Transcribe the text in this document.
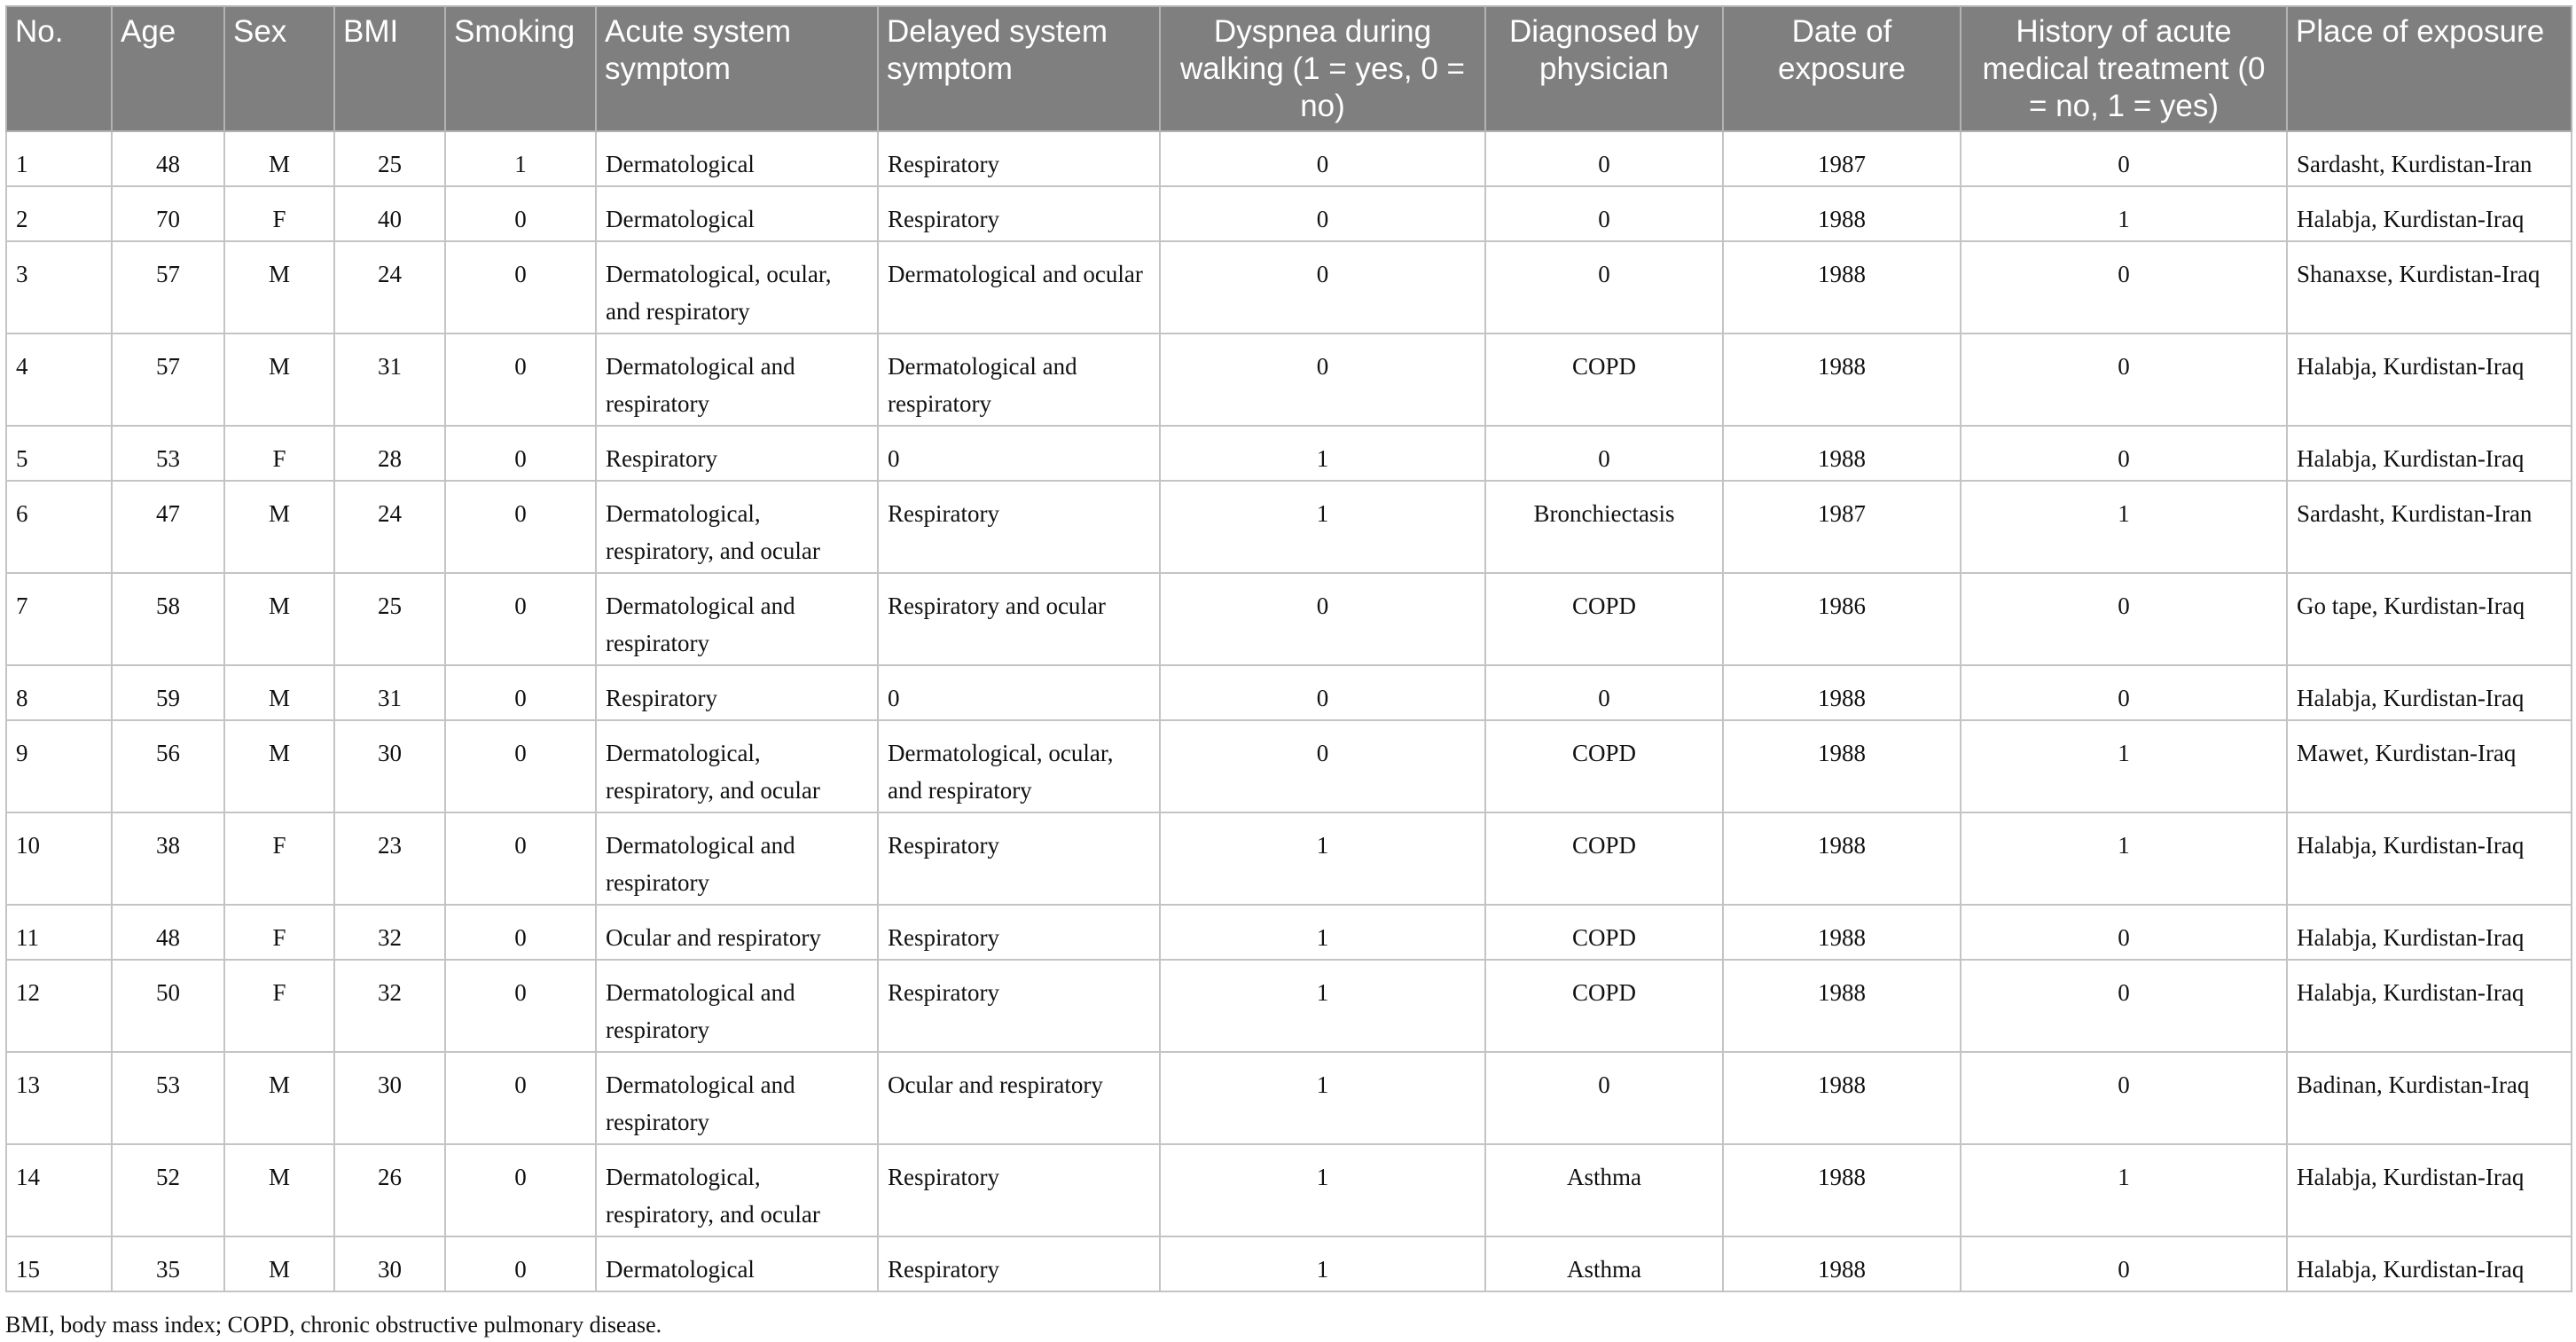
No.	Age	Sex	BMI	Smoking	Acute system symptom	Delayed system symptom	Dyspnea during walking (1 = yes, 0 = no)	Diagnosed by physician	Date of exposure	History of acute medical treatment (0 = no, 1 = yes)	Place of exposure
1	48	M	25	1	Dermatological	Respiratory	0	0	1987	0	Sardasht, Kurdistan-Iran
2	70	F	40	0	Dermatological	Respiratory	0	0	1988	1	Halabja, Kurdistan-Iraq
3	57	M	24	0	Dermatological, ocular, and respiratory	Dermatological and ocular	0	0	1988	0	Shanaxse, Kurdistan-Iraq
4	57	M	31	0	Dermatological and respiratory	Dermatological and respiratory	0	COPD	1988	0	Halabja, Kurdistan-Iraq
5	53	F	28	0	Respiratory	0	1	0	1988	0	Halabja, Kurdistan-Iraq
6	47	M	24	0	Dermatological, respiratory, and ocular	Respiratory	1	Bronchiectasis	1987	1	Sardasht, Kurdistan-Iran
7	58	M	25	0	Dermatological and respiratory	Respiratory and ocular	0	COPD	1986	0	Go tape, Kurdistan-Iraq
8	59	M	31	0	Respiratory	0	0	0	1988	0	Halabja, Kurdistan-Iraq
9	56	M	30	0	Dermatological, respiratory, and ocular	Dermatological, ocular, and respiratory	0	COPD	1988	1	Mawet, Kurdistan-Iraq
10	38	F	23	0	Dermatological and respiratory	Respiratory	1	COPD	1988	1	Halabja, Kurdistan-Iraq
11	48	F	32	0	Ocular and respiratory	Respiratory	1	COPD	1988	0	Halabja, Kurdistan-Iraq
12	50	F	32	0	Dermatological and respiratory	Respiratory	1	COPD	1988	0	Halabja, Kurdistan-Iraq
13	53	M	30	0	Dermatological and respiratory	Ocular and respiratory	1	0	1988	0	Badinan, Kurdistan-Iraq
14	52	M	26	0	Dermatological, respiratory, and ocular	Respiratory	1	Asthma	1988	1	Halabja, Kurdistan-Iraq
15	35	M	30	0	Dermatological	Respiratory	1	Asthma	1988	0	Halabja, Kurdistan-Iraq
BMI, body mass index; COPD, chronic obstructive pulmonary disease.
